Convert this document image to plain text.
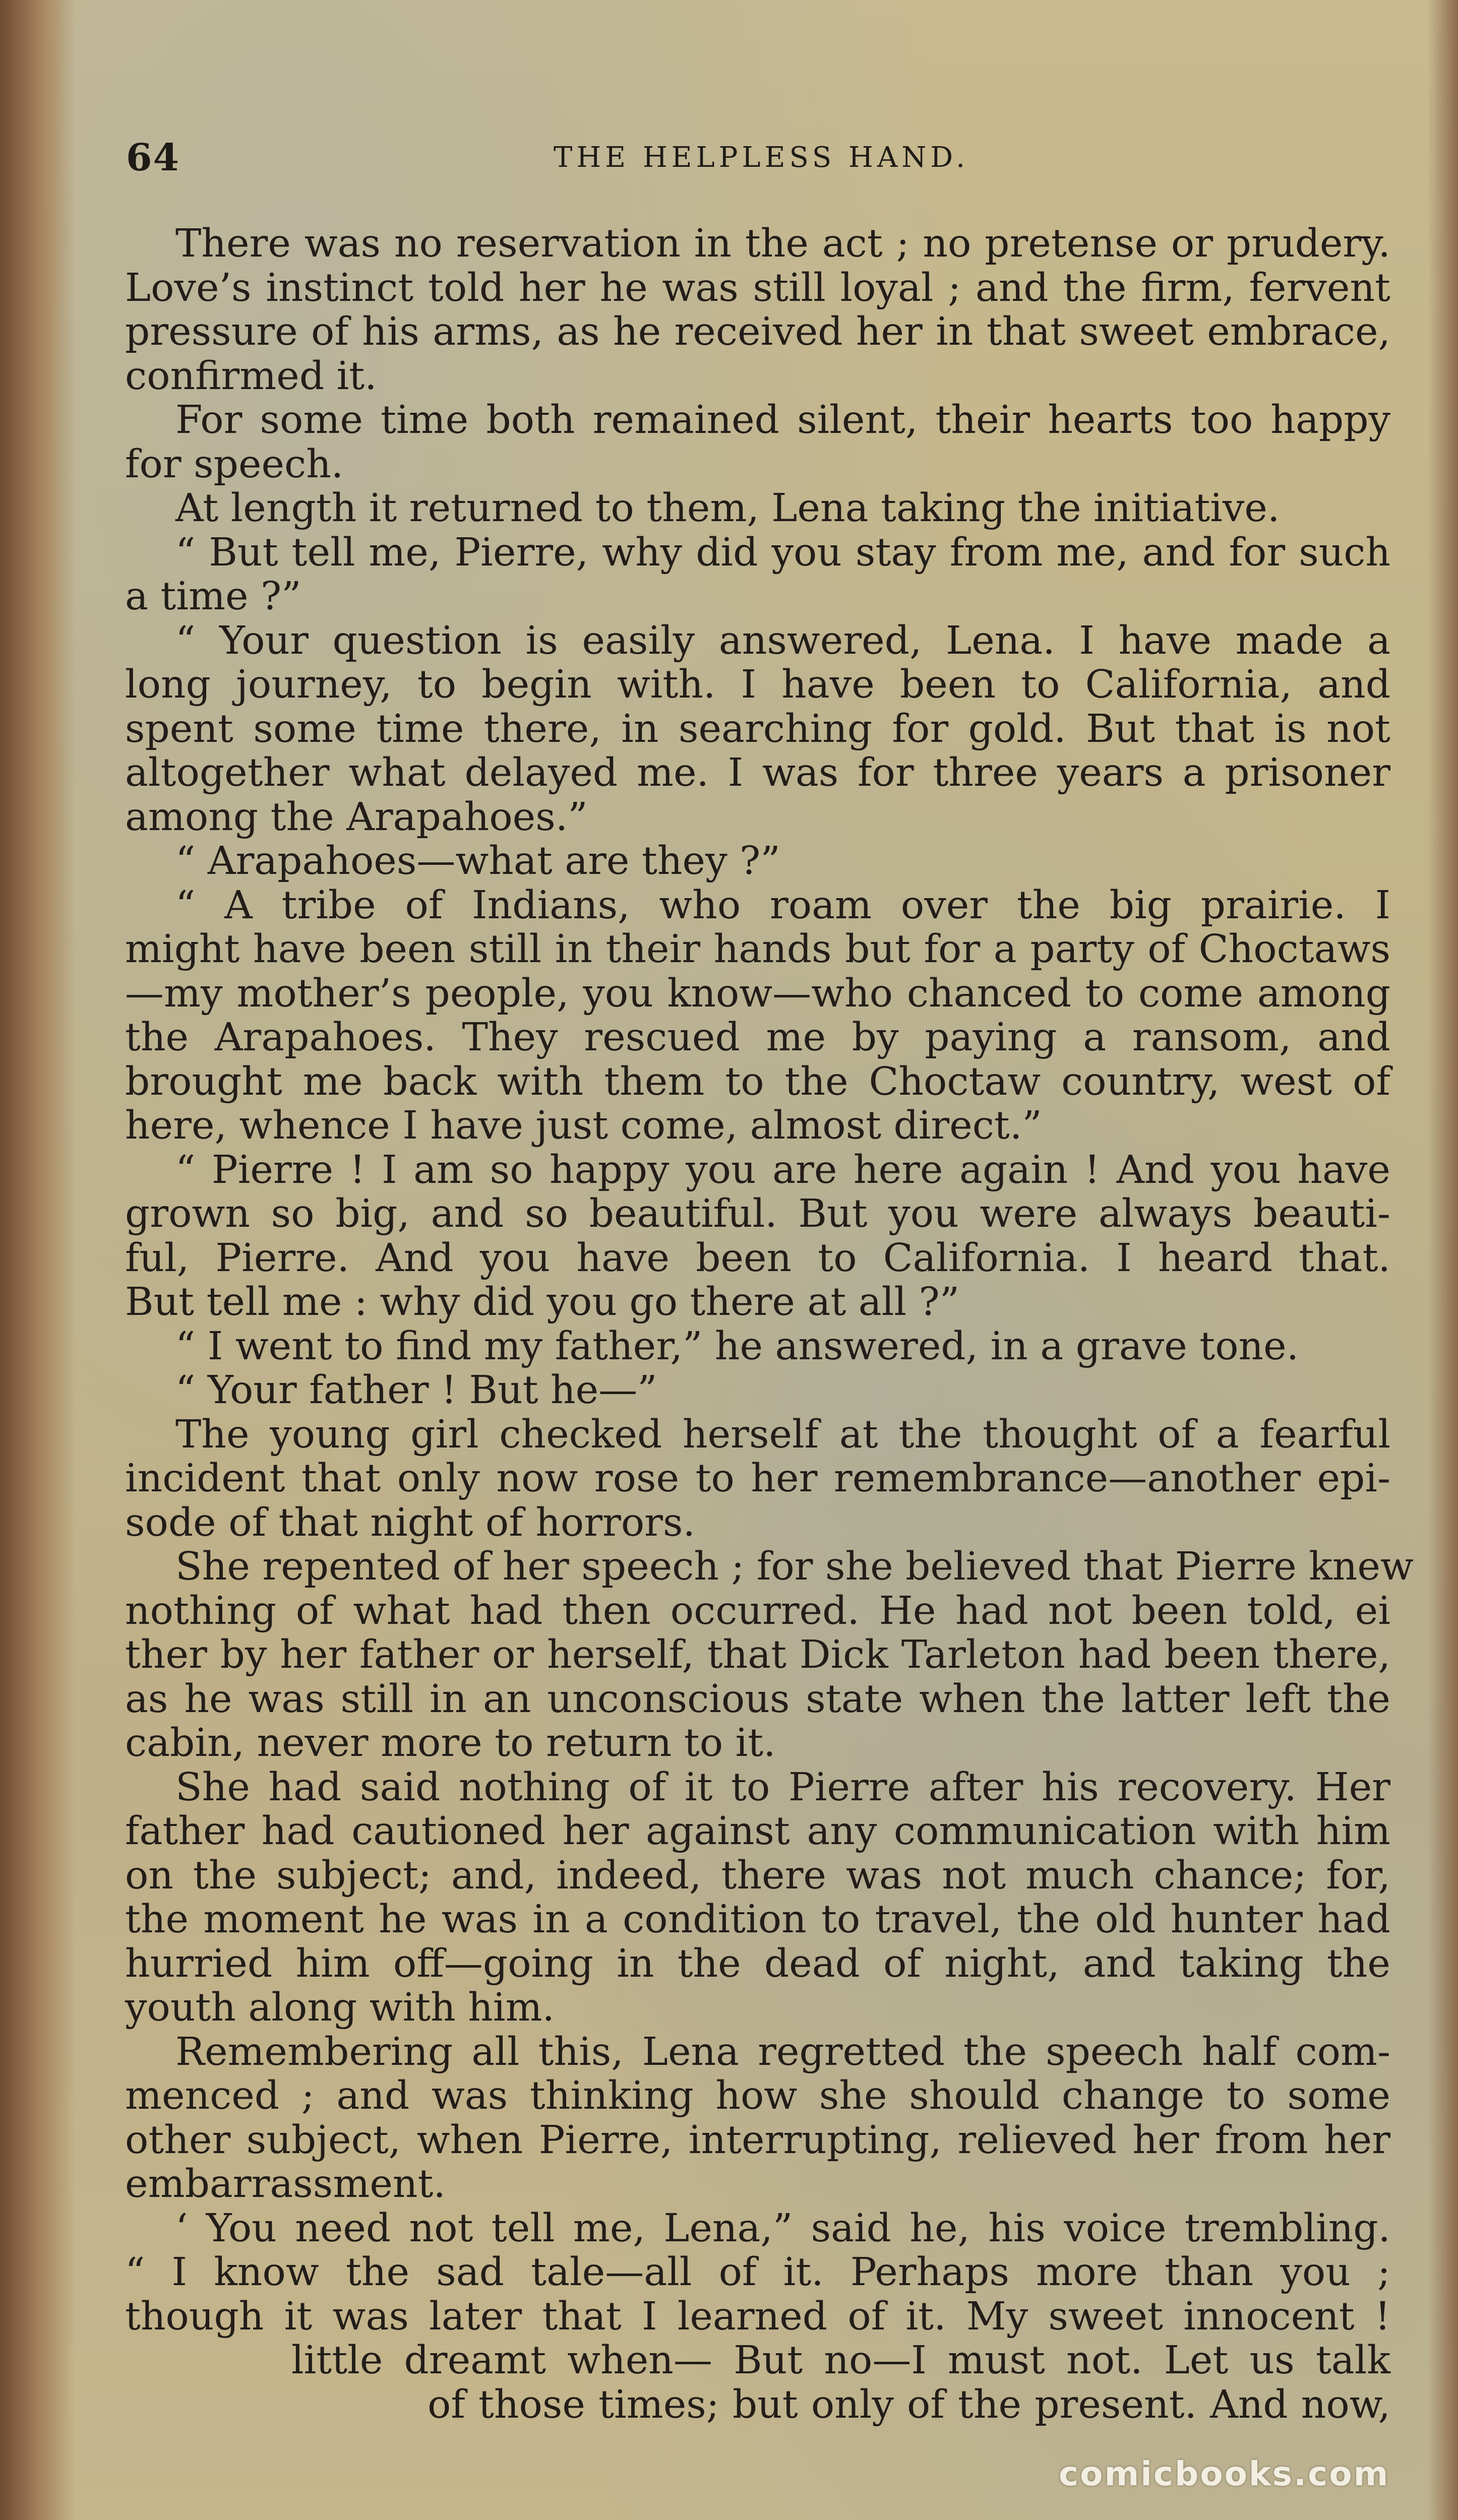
64	THE HELPLESS HAND.
There was no reservation in the act ; no pretense or prudery.
Love’s instinct told her he was still loyal ; and the firm, fervent
pressure of his arms, as he received her in that sweet embrace,
confirmed it.
For some time both remained silent, their hearts too happy
for speech.
At length it returned to them, Lena taking the initiative.
“ But tell me, Pierre, why did you stay from me, and for such
a time ?”
“ Your question is easily answered, Lena. I have made a
long journey, to begin with. I have been to California, and
spent some time there, in searching for gold. But that is not
altogether what delayed me. I was for three years a prisoner
among the Arapahoes.”
“ Arapahoes—what are they ?”
“ A tribe of Indians, who roam over the big prairie. I
might have been still in their hands but for a party of Choctaws
—my mother’s people, you know—who chanced to come among
the Arapahoes. They rescued me by paying a ransom, and
brought me back with them to the Choctaw country, west of
here, whence I have just come, almost direct.”
“ Pierre ! I am so happy you are here again ! And you have
grown so big, and so beautiful. But you were always beauti-
ful, Pierre. And you have been to California. I heard that.
But tell me : why did you go there at all ?”
“ I went to find my father,” he answered, in a grave tone.
“ Your father ! But he—”
The young girl checked herself at the thought of a fearful
incident that only now rose to her remembrance—another epi-
sode of that night of horrors.
She repented of her speech ; for she believed that Pierre knew
nothing of what had then occurred. He had not been told, ei
ther by her father or herself, that Dick Tarleton had been there,
as he was still in an unconscious state when the latter left the
cabin, never more to return to it.
She had said nothing of it to Pierre after his recovery. Her
father had cautioned her against any communication with him
on the subject; and, indeed, there was not much chance; for,
the moment he was in a condition to travel, the old hunter had
hurried him off—going in the dead of night, and taking the
youth along with him.
Remembering all this, Lena regretted the speech half com-
menced ; and was thinking how she should change to some
other subject, when Pierre, interrupting, relieved her from her
embarrassment.
‘ You need not tell me, Lena,” said he, his voice trembling.
“ I know the sad tale—all of it. Perhaps more than you ;
though it was later that I learned of it. My sweet innocent !
little dreamt when— But no—I must not. Let us talk
of those times; but only of the present. And now,
comicbooks.com
